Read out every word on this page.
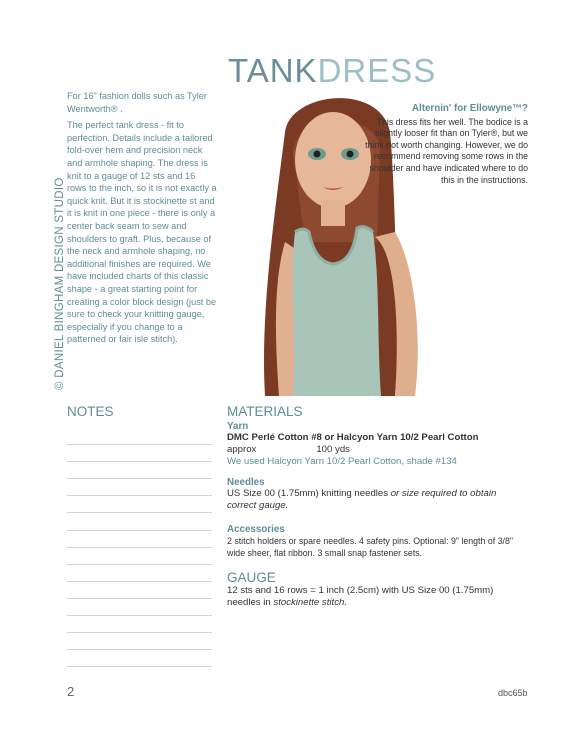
© DANIEL BINGHAM DESIGN STUDIO
TANKDRESS

For 16" fashion dolls such as Tyler Wentworth® .

The perfect tank dress - fit to perfection. Details include a tailored fold-over hem and precision neck and armhole shaping. The dress is knit to a gauge of 12 sts and 16 rows to the inch, so it is not exactly a quick knit. But it is stockinette st and it is knit in one piece - there is only a center back seam to sew and shoulders to graft. Plus, because of the neck and armhole shaping, no additional finishes are required. We have included charts of this classic shape - a great starting point for creating a color block design (just be sure to check your knitting gauge, especially if you change to a patterned or fair isle stitch).

Alternin' for Ellowyne™?
This dress fits her well. The bodice is a slightly looser fit than on Tyler®, but we think not worth changing. However, we do recommend removing some rows in the shoulder and have indicated where to do this in the instructions.
NOTES	MATERIALS
Yarn
DMC Perlé Cotton #8 or Halcyon Yarn 10/2 Pearl Cotton
approx	100 yds
We used Halcyon Yarn 10/2 Pearl Cotton, shade #134
Needles
US Size 00 (1.75mm) knitting needles or size required to obtain correct gauge.
Accessories
2 stitch holders or spare needles. 4 safety pins. Optional: 9" length of 3/8" wide sheer, flat ribbon. 3 small snap fastener sets.
GAUGE
12 sts and 16 rows = 1 inch (2.5cm) with US Size 00 (1.75mm) needles in stockinette stitch.
2	dbc65b
